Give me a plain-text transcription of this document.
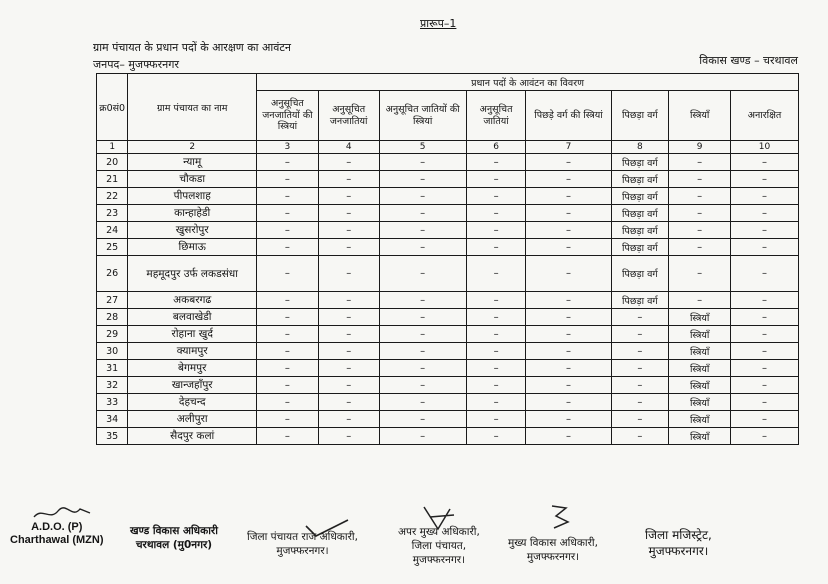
प्रारूप–1
ग्राम पंचायत के प्रधान पदों के आरक्षण का आवंटन
जनपद– मुजफ्फरनगर	विकास खण्ड – चरथावल
क्र0सं0	ग्राम पंचायत का नाम	प्रधान पदों के आवंटन का विवरण							
		अनुसूचित जनजातियों की स्त्रियां	अनुसूचित जनजातियां	अनुसूचित जातियों की स्त्रियां	अनुसूचित जातियां	पिछड़े वर्ग की स्त्रियां	पिछड़ा वर्ग	स्त्रियाँ	अनारक्षित
1	2	3	4	5	6	7	8	9	10
20	न्यामू	–	–	–	–	–	पिछड़ा वर्ग	–	–
21	चौकडा	–	–	–	–	–	पिछड़ा वर्ग	–	–
22	पीपलशाह	–	–	–	–	–	पिछड़ा वर्ग	–	–
23	कान्हाहेडी	–	–	–	–	–	पिछड़ा वर्ग	–	–
24	खुसरोपुर	–	–	–	–	–	पिछड़ा वर्ग	–	–
25	छिमाऊ	–	–	–	–	–	पिछड़ा वर्ग	–	–
26	महमूदपुर उर्फ लकडसंधा	–	–	–	–	–	पिछड़ा वर्ग	–	–
27	अकबरगढ	–	–	–	–	–	पिछड़ा वर्ग	–	–
28	बलवाखेडी	–	–	–	–	–	–	स्त्रियाँ	–
29	रोहाना खुर्द	–	–	–	–	–	–	स्त्रियाँ	–
30	क्यामपुर	–	–	–	–	–	–	स्त्रियाँ	–
31	बेगमपुर	–	–	–	–	–	–	स्त्रियाँ	–
32	खान्जहाँपुर	–	–	–	–	–	–	स्त्रियाँ	–
33	देहचन्द	–	–	–	–	–	–	स्त्रियाँ	–
34	अलीपुरा	–	–	–	–	–	–	स्त्रियाँ	–
35	सैदपुर कलां	–	–	–	–	–	–	स्त्रियाँ	–
A.D.O. (P)
Charthawal (MZN)
खण्ड विकास अधिकारी
चरथावल (मु0नगर)
जिला पंचायत राज अधिकारी,
मुजफ्फरनगर।
अपर मुख्य अधिकारी,
जिला पंचायत,
मुजफ्फरनगर।
मुख्य विकास अधिकारी,
मुजफ्फरनगर।
जिला मजिस्ट्रेट,
मुजफ्फरनगर।
